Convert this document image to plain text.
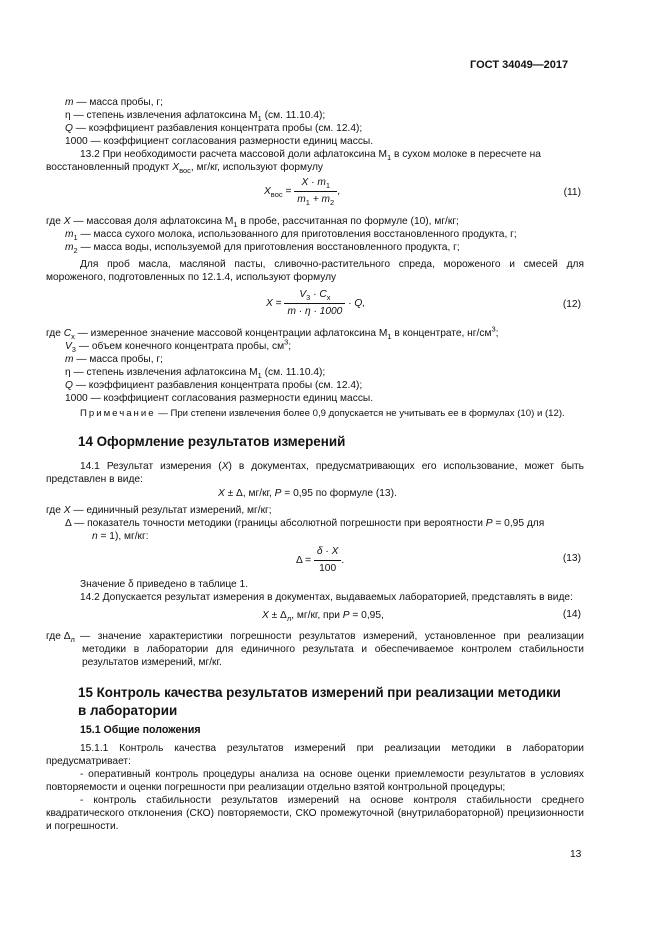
ГОСТ 34049—2017
m — масса пробы, г;
η — степень извлечения афлатоксина $M_1$ (см. 11.10.4);
Q — коэффициент разбавления концентрата пробы (см. 12.4);
1000 — коэффициент согласования размерности единиц массы.
13.2 При необходимости расчета массовой доли афлатоксина $M_1$ в сухом молоке в пересчете на
восстановленный продукт $X_{вос}$, мг/кг, используют формулу
$X_{вос} = \frac{X \cdot m_1}{m_1 + m_2}$ ,	(11)
где X — массовая доля афлатоксина $M_1$ в пробе, рассчитанная по формуле (10), мг/кг;
$m_1$ — масса сухого молока, использованного для приготовления восстановленного продукта, г;
$m_2$ — масса воды, используемой для приготовления восстановленного продукта, г;
Для проб масла, масляной пасты, сливочно-растительного спреда, мороженого и смесей для мороженого, подготовленных по 12.1.4, используют формулу
$X = \frac{V_3 \cdot C_x}{m \cdot \eta \cdot 1000} \cdot Q$,	(12)
где $C_x$ — измеренное значение массовой концентрации афлатоксина $M_1$ в концентрате, $нг/см^3$;
$V_3$ — объем конечного концентрата пробы, $см^3$;
m — масса пробы, г;
η — степень извлечения афлатоксина $M_1$ (см. 11.10.4);
Q — коэффициент разбавления концентрата пробы (см. 12.4);
1000 — коэффициент согласования размерности единиц массы.
Примечание — При степени извлечения более 0,9 допускается не учитывать ее в формулах (10) и (12).
14 Оформление результатов измерений
14.1 Результат измерения (X) в документах, предусматривающих его использование, может быть представлен в виде:
X ± Δ, мг/кг, P = 0,95 по формуле (13).
где X — единичный результат измерений, мг/кг;
Δ — показатель точности методики (границы абсолютной погрешности при вероятности P = 0,95 для
n = 1), мг/кг:
$\Delta = \frac{\delta \cdot X}{100}$ .	(13)
Значение δ приведено в таблице 1.
14.2 Допускается результат измерения в документах, выдаваемых лабораторией, представлять в виде:
$X \pm \Delta_л$, мг/кг, при P = 0,95,	(14)
где $\Delta_л$ — значение характеристики погрешности результатов измерений, установленное при реализации методики в лаборатории для единичного результата и обеспечиваемое контролем стабильности результатов измерений, мг/кг.
15 Контроль качества результатов измерений при реализации методики
в лаборатории
15.1 Общие положения
15.1.1 Контроль качества результатов измерений при реализации методики в лаборатории предусматривает:
- оперативный контроль процедуры анализа на основе оценки приемлемости результатов в условиях повторяемости и оценки погрешности при реализации отдельно взятой контрольной процедуры;
- контроль стабильности результатов измерений на основе контроля стабильности среднего квадратического отклонения (СКО) повторяемости, СКО промежуточной (внутрилабораторной) прецизионности и погрешности.
13
